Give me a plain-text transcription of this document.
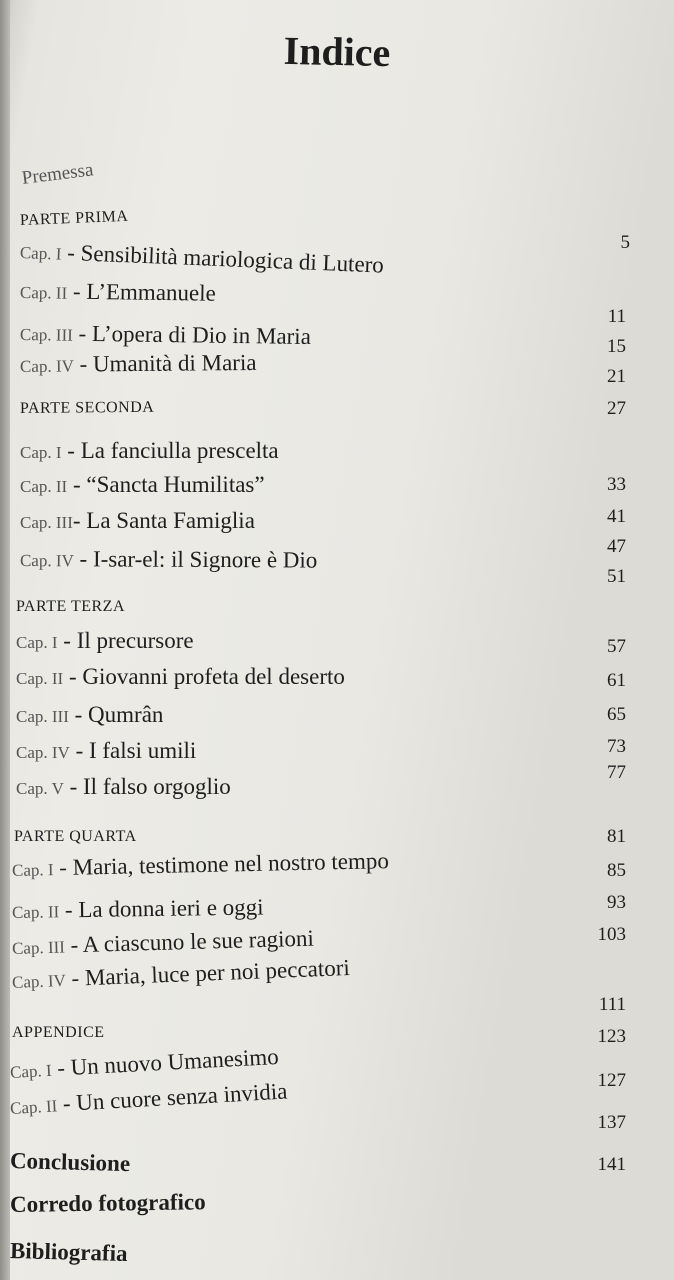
Indice
Premessa
PARTE PRIMA
Cap. I - Sensibilità mariologica di Lutero
Cap. II - L’Emmanuele
Cap. III - L’opera di Dio in Maria
Cap. IV - Umanità di Maria
PARTE SECONDA
Cap. I - La fanciulla prescelta
Cap. II - “Sancta Humilitas”
Cap. III- La Santa Famiglia
Cap. IV - I-sar-el: il Signore è Dio
PARTE TERZA
Cap. I - Il precursore
Cap. II - Giovanni profeta del deserto
Cap. III - Qumrân
Cap. IV - I falsi umili
Cap. V - Il falso orgoglio
PARTE QUARTA
Cap. I - Maria, testimone nel nostro tempo
Cap. II - La donna ieri e oggi
Cap. III - A ciascuno le sue ragioni
Cap. IV - Maria, luce per noi peccatori
APPENDICE
Cap. I - Un nuovo Umanesimo
Cap. II - Un cuore senza invidia
Conclusione
Corredo fotografico
Bibliografia
5
11
15
21
27
33
41
47
51
57
61
65
73
77
81
85
93
103
111
123
127
137
141
